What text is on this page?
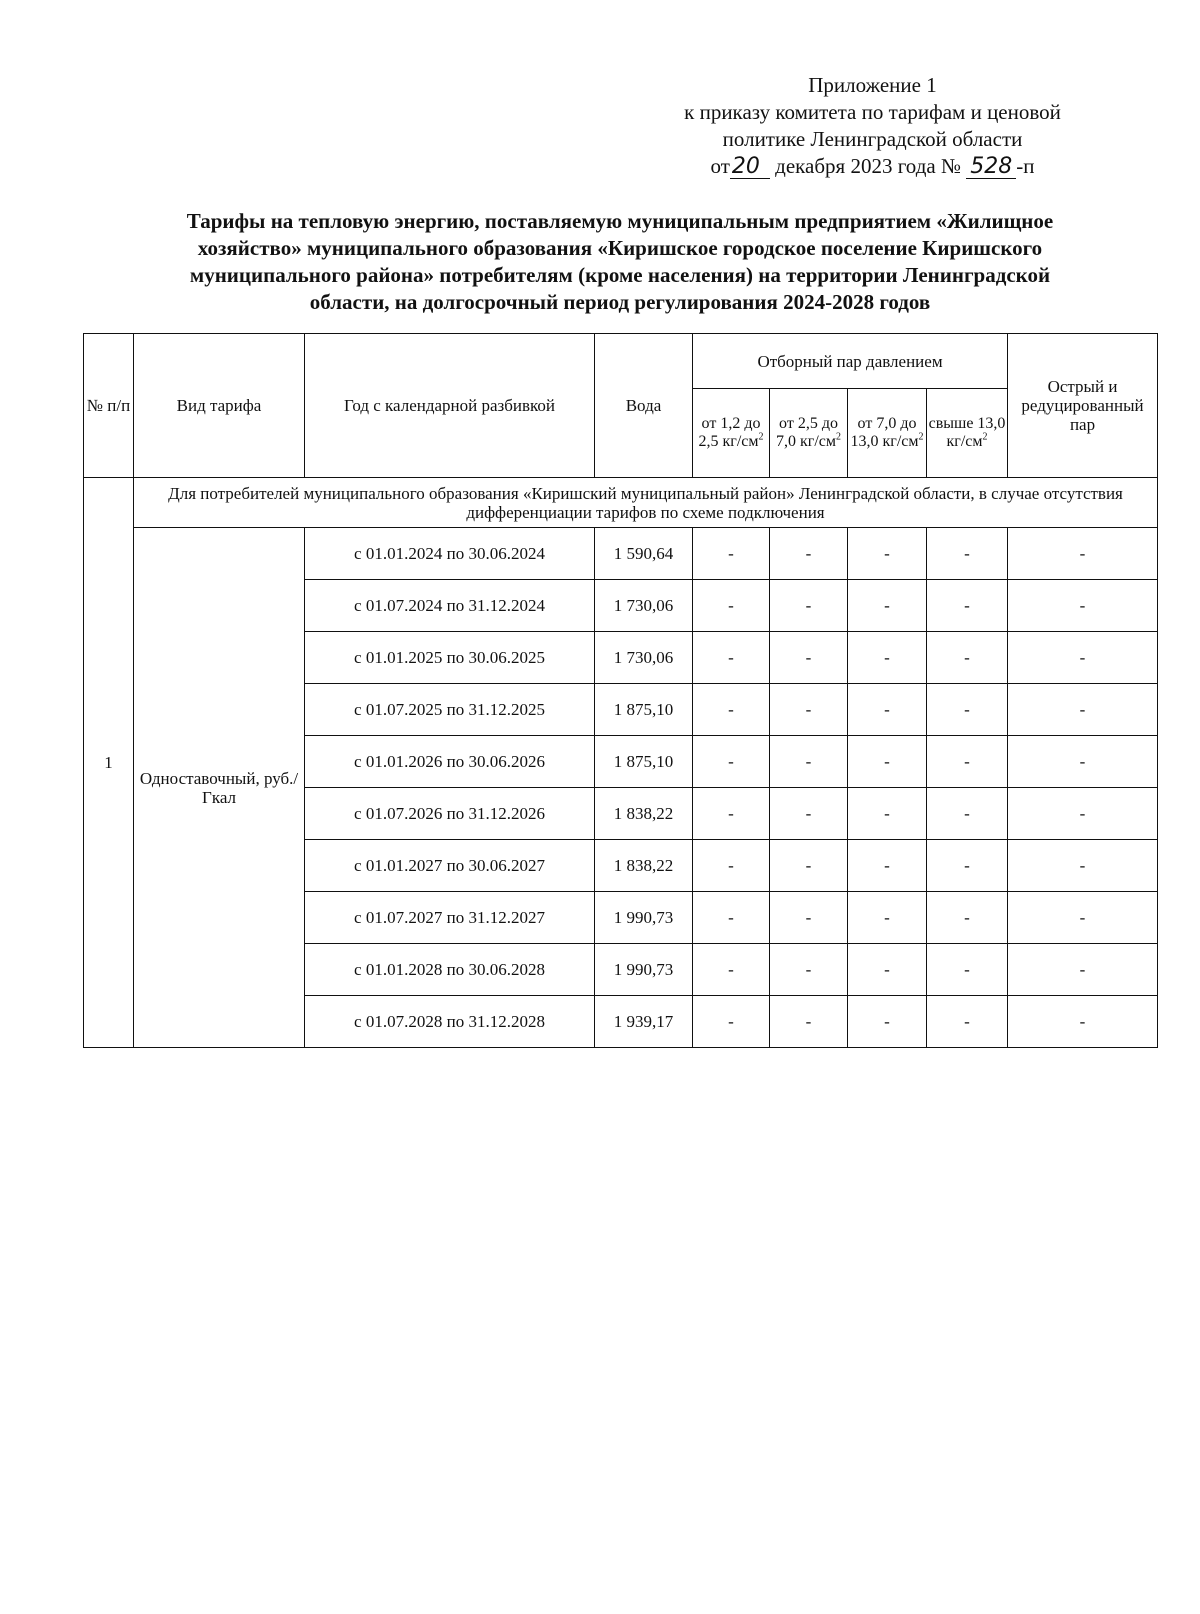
Приложение 1
к приказу комитета по тарифам и ценовой
политике Ленинградской области
от20 декабря 2023 года № 528 -п
Тарифы на тепловую энергию, поставляемую муниципальным предприятием «Жилищное
хозяйство» муниципального образования «Киришское городское поселение Киришского
муниципального района» потребителям (кроме населения) на территории Ленинградской
области, на долгосрочный период регулирования 2024-2028 годов
№ п/п	Вид тарифа	Год с календарной разбивкой	Вода	Отборный пар давлением				Острый и редуцированный пар
				от 1,2 до 2,5 $кг/см^2$	от 2,5 до 7,0 $кг/см^2$	от 7,0 до 13,0 $кг/см^2$	свыше 13,0 $кг/см^2$
1	Для потребителей муниципального образования «Киришский муниципальный район» Ленинградской области, в случае отсутствия дифференциации тарифов по схеме подключения							
	Одноставочный, руб./Гкал	с 01.01.2024 по 30.06.2024	1 590,64	-	-	-	-	-
		с 01.07.2024 по 31.12.2024	1 730,06	-	-	-	-	-
		с 01.01.2025 по 30.06.2025	1 730,06	-	-	-	-	-
		с 01.07.2025 по 31.12.2025	1 875,10	-	-	-	-	-
		с 01.01.2026 по 30.06.2026	1 875,10	-	-	-	-	-
		с 01.07.2026 по 31.12.2026	1 838,22	-	-	-	-	-
		с 01.01.2027 по 30.06.2027	1 838,22	-	-	-	-	-
		с 01.07.2027 по 31.12.2027	1 990,73	-	-	-	-	-
		с 01.01.2028 по 30.06.2028	1 990,73	-	-	-	-	-
		с 01.07.2028 по 31.12.2028	1 939,17	-	-	-	-	-
